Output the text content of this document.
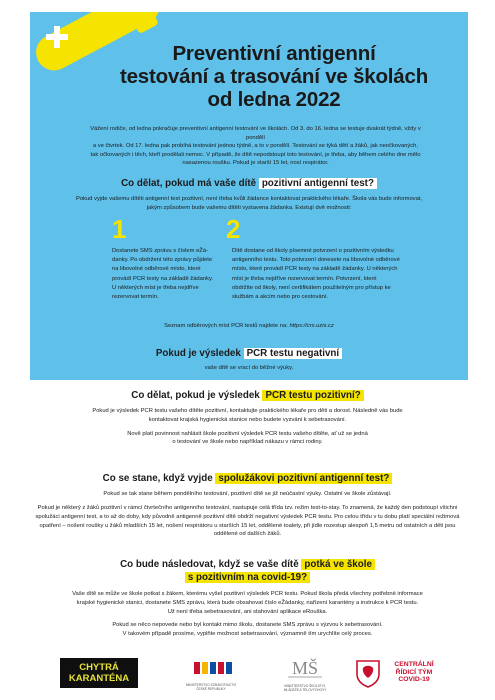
Preventivní antigenní
testování a trasování ve školách
od ledna 2022
Vážení rodiče, od ledna pokračuje preventivní antigenní testování ve školách. Od 3. do 16. ledna se testuje dvakrát týdně, vždy v pondělí
a ve čtvrtek. Od 17. ledna pak probíhá testování jednou týdně, a to v pondělí. Testování se týká dětí a žáků, jak neočkovaných,
tak očkovaných i těch, kteří prodělali nemoc. V případě, že dítě nepodstoupí toto testování, je třeba, aby během celého dne mělo
nasazenou roušku. Pokud je starší 15 let, nosí respirátor.
Co dělat, pokud má vaše dítě pozitivní antigenní test?
Pokud vyjde vašemu dítěti antigenní test pozitivní, není třeba kvůli žádance kontaktovat praktického lékaře. Škola vás bude informovat,
jakým způsobem bude vašemu dítěti vystavena žádanka. Existují dvě možnosti:
1
Dostanete SMS zprávu s číslem eŽá-
danky. Po obdržení této zprávy půjdete
na libovolné odběrové místo, které
provádí PCR testy na základě žádanky.
U některých míst je třeba nejdříve
rezervovat termín.
2
Dítě dostane od školy písemné potvrzení o pozitivním výsledku
antigenního testu. Toto potvrzení donesete na libovolné odběrové
místo, které provádí PCR testy na základě žádanky. U některých
míst je třeba nejdříve rezervovat termín. Potvrzení, které
obdržíte od školy, není certifikátem použitelným pro přístup ke
službám a akcím nebo pro cestování.
Seznam odběrových míst PCR testů najdete na: https://crs.uzis.cz
Pokud je výsledek PCR testu negativní
vaše dítě se vrací do běžné výuky.
Co dělat, pokud je výsledek PCR testu pozitivní?
Pokud je výsledek PCR testu vašeho dítěte pozitivní, kontaktujte praktického lékaře pro děti a dorost. Následně vás bude
kontaktovat krajská hygienická stanice nebo budete vyzváni k sebetrasování.
Nově platí povinnost nahlásit škole pozitivní výsledek PCR testu vašeho dítěte, ať už se jedná
o testování ve škole nebo například nákazu v rámci rodiny.
Co se stane, když vyjde spolužákovi pozitivní antigenní test?
Pokud se tak stane během pondělního testování, pozitivní dítě se již neúčastní výuky. Ostatní ve škole zůstávají.
Pokud je některý z žáků pozitivní v rámci čtvrtečního antigenního testování, nastupuje celá třída tzv. režim test-to-stay. To znamená, že každý den podstoupí všichni
spolužáci antigenní test, a to až do doby, kdy původně antigenně pozitivní dítě obdrží negativní výsledek PCR testu. Pro celou třídu v tu dobu platí speciální režimová
opatření – nošení roušky u žáků mladších 15 let, nošení respirátoru u starších 15 let, oddělené toalety, při jídle rozestup alespoň 1,5 metru od ostatních a děti jsou
oddělené od dalších žáků.
Co bude následovat, když se vaše dítě potká ve škole
s pozitivním na covid-19?
Vaše dítě se může ve škole potkat s žákem, kterému vyšel pozitivní výsledek PCR testu. Pokud škola předá všechny potřebné informace
krajské hygienické stanici, dostanete SMS zprávu, která bude obsahovat číslo eŽádanky, nařízení karantény a instrukce k PCR testu.
Už není třeba sebetrasování, ani stahování aplikace eRouška.
Pokud se něco nepovede nebo byl kontakt mimo školu, dostanete SMS zprávu s výzvou k sebetrasování.
V takovém případě prosíme, vyplňte možnost sebetrasování, významně tím urychlíte celý proces.
CHYTRÁ
KARANTÉNA
MINISTERSTVO ZDRAVOTNICTVÍ
ČESKÉ REPUBLIKY
MŠ
MINISTERSTVO ŠKOLSTVÍ,
MLÁDEŽE A TĚLOVÝCHOVY
CENTRÁLNÍ
ŘÍDICÍ TÝM
COVID-19
